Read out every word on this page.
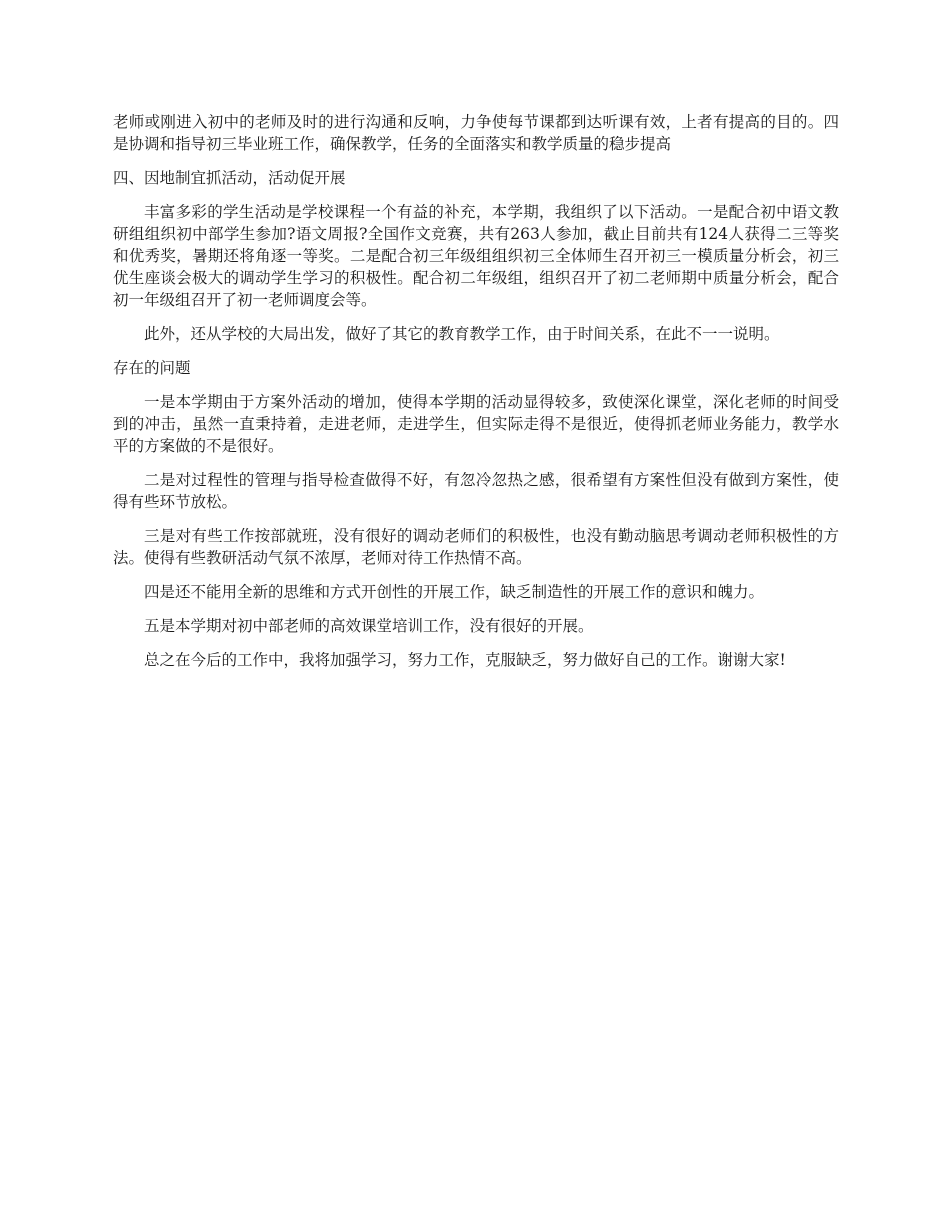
老师或刚进入初中的老师及时的进行沟通和反响，力争使每节课都到达听课有效，上者有提高的目的。四是协调和指导初三毕业班工作，确保教学，任务的全面落实和教学质量的稳步提高

四、因地制宜抓活动，活动促开展

丰富多彩的学生活动是学校课程一个有益的补充，本学期，我组织了以下活动。一是配合初中语文教研组组织初中部学生参加?语文周报?全国作文竞赛，共有263人参加，截止目前共有124人获得二三等奖和优秀奖，暑期还将角逐一等奖。二是配合初三年级组组织初三全体师生召开初三一模质量分析会，初三优生座谈会极大的调动学生学习的积极性。配合初二年级组，组织召开了初二老师期中质量分析会，配合初一年级组召开了初一老师调度会等。

此外，还从学校的大局出发，做好了其它的教育教学工作，由于时间关系，在此不一一说明。

存在的问题

一是本学期由于方案外活动的增加，使得本学期的活动显得较多，致使深化课堂，深化老师的时间受到的冲击，虽然一直秉持着，走进老师，走进学生，但实际走得不是很近，使得抓老师业务能力，教学水平的方案做的不是很好。

二是对过程性的管理与指导检查做得不好，有忽冷忽热之感，很希望有方案性但没有做到方案性，使得有些环节放松。

三是对有些工作按部就班，没有很好的调动老师们的积极性，也没有勤动脑思考调动老师积极性的方法。使得有些教研活动气氛不浓厚，老师对待工作热情不高。

四是还不能用全新的思维和方式开创性的开展工作，缺乏制造性的开展工作的意识和魄力。

五是本学期对初中部老师的高效课堂培训工作，没有很好的开展。

总之在今后的工作中，我将加强学习，努力工作，克服缺乏，努力做好自己的工作。谢谢大家!
